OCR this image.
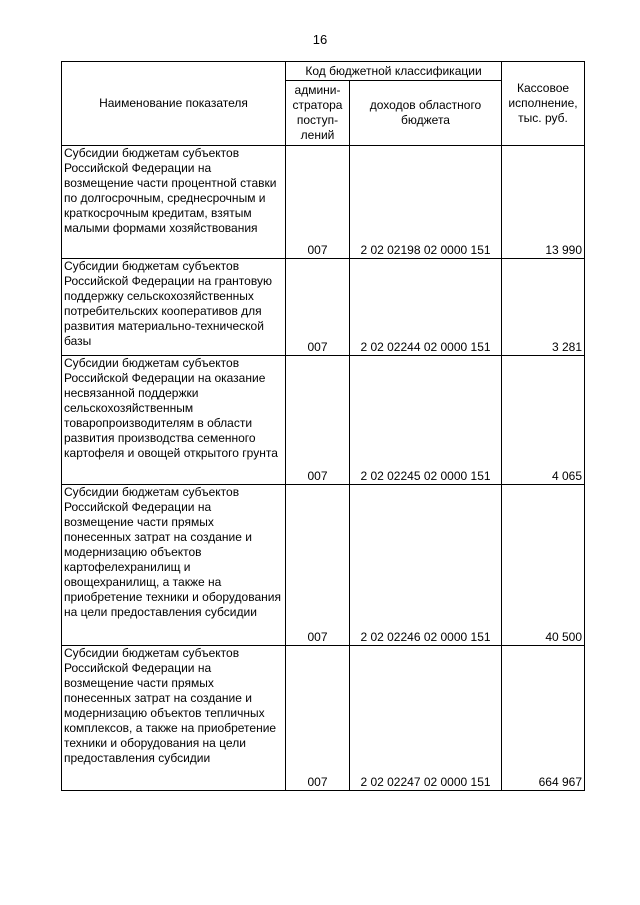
16
Наименование показателя	Код бюджетной классификации		Кассовое исполнение, тыс. руб.
	админи-стратора поступ-лений	доходов областного бюджета	
Субсидии бюджетам субъектов Российской Федерации на возмещение части процентной ставки по долгосрочным, среднесрочным и краткосрочным кредитам, взятым малыми формами хозяйствования	007	2 02 02198 02 0000 151	13 990
Субсидии бюджетам субъектов Российской Федерации на грантовую поддержку сельскохозяйственных потребительских кооперативов для развития материально-технической базы	007	2 02 02244 02 0000 151	3 281
Субсидии бюджетам субъектов Российской Федерации на оказание несвязанной поддержки сельскохозяйственным товаропроизводителям в области развития производства семенного картофеля и овощей открытого грунта	007	2 02 02245 02 0000 151	4 065
Субсидии бюджетам субъектов Российской Федерации на возмещение части прямых понесенных затрат на создание и модернизацию объектов картофелехранилищ и овощехранилищ, а также на приобретение техники и оборудования на цели предоставления субсидии	007	2 02 02246 02 0000 151	40 500
Субсидии бюджетам субъектов Российской Федерации на возмещение части прямых понесенных затрат на создание и модернизацию объектов тепличных комплексов, а также на приобретение техники и оборудования на цели предоставления субсидии	007	2 02 02247 02 0000 151	664 967
